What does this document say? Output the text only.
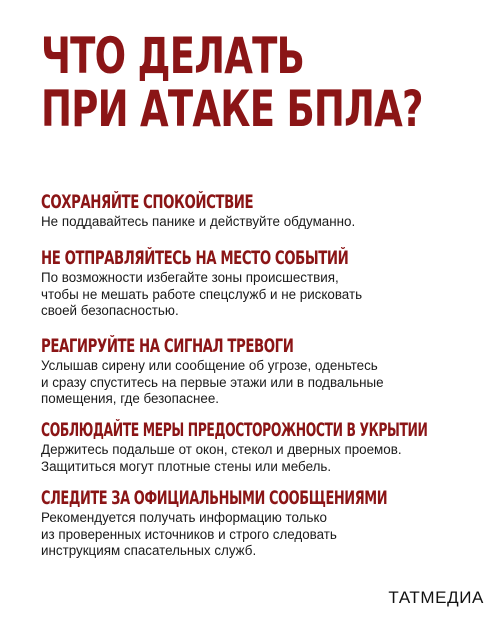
ЧТО ДЕЛАТЬ
ПРИ АТАКЕ БПЛА?
СОХРАНЯЙТЕ СПОКОЙСТВИЕ

Не поддавайтесь панике и действуйте обдуманно.

НЕ ОТПРАВЛЯЙТЕСЬ НА МЕСТО СОБЫТИЙ

По возможности избегайте зоны происшествия,
чтобы не мешать работе спецслужб и не рисковать
своей безопасностью.

РЕАГИРУЙТЕ НА СИГНАЛ ТРЕВОГИ

Услышав сирену или сообщение об угрозе, оденьтесь
и сразу спуститесь на первые этажи или в подвальные
помещения, где безопаснее.

СОБЛЮДАЙТЕ МЕРЫ ПРЕДОСТОРОЖНОСТИ В УКРЫТИИ

Держитесь подальше от окон, стекол и дверных проемов.
Защититься могут плотные стены или мебель.

СЛЕДИТЕ ЗА ОФИЦИАЛЬНЫМИ СООБЩЕНИЯМИ

Рекомендуется получать информацию только
из проверенных источников и строго следовать
инструкциям спасательных служб.

ТАТМЕДИА
